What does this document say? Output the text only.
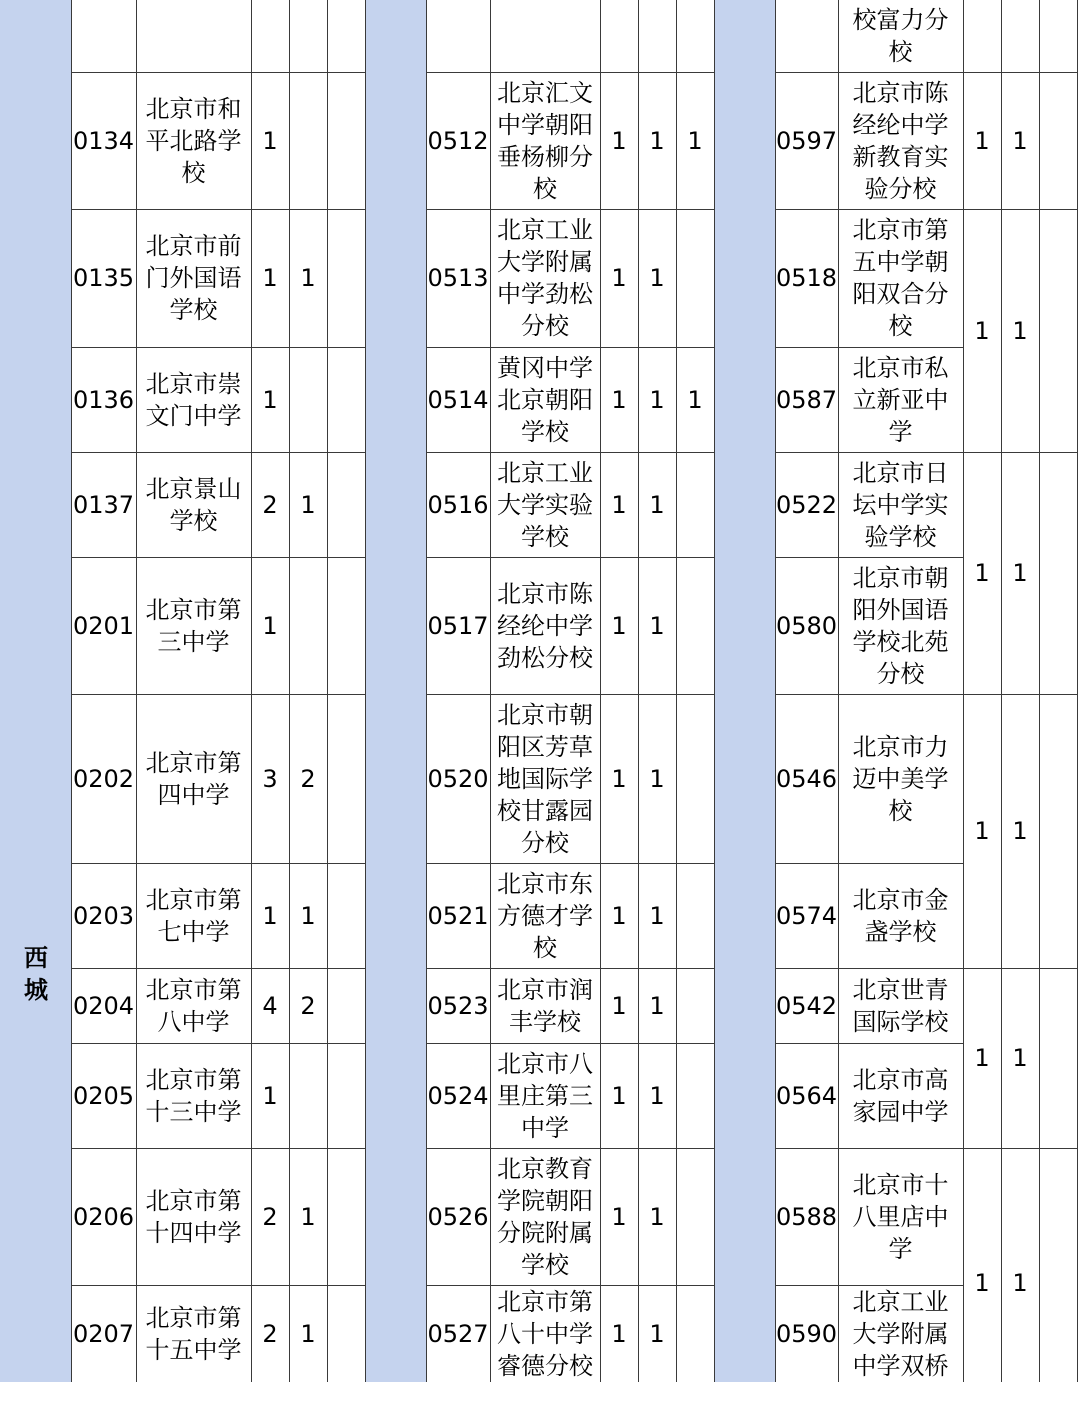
西
城
0134
北京市和平北路学校
1
0135
北京市前门外国语学校
1 1
0136
北京市崇文门中学
1
0137
北京景山学校
2 1
0201
北京市第三中学
1
0202
北京市第四中学
3 2
0203
北京市第七中学
1 1
0204
北京市第八中学
4 2
0205
北京市第十三中学
1
0206
北京市第十四中学
2 1
0207
北京市第十五中学
2 1
0512
北京汇文中学朝阳垂杨柳分校
1 1 1
0513
北京工业大学附属中学劲松分校
1 1
0514
黄冈中学北京朝阳学校
1 1 1
0516
北京工业大学实验学校
1 1
0517
北京市陈经纶中学劲松分校
1 1
0520
北京市朝阳区芳草地国际学校甘露园分校
1 1
0521
北京市东方德才学校
1 1
0523
北京市润丰学校
1 1
0524
北京市八里庄第三中学
1 1
0526
北京教育学院朝阳分院附属学校
1 1
0527
北京市第八十中学睿德分校
1 1
校富力分校
0597
北京市陈经纶中学新教育实验分校
0518
北京市第五中学朝阳双合分校
0587
北京市私立新亚中学
0522
北京市日坛中学实验学校
0580
北京市朝阳外国语学校北苑分校
0546
北京市力迈中美学校
0574
北京市金盏学校
0542
北京世青国际学校
0564
北京市高家园中学
0588
北京市十八里店中学
0590
北京工业大学附属中学双桥
1 1
1 1
1 1
1 1
1 1
1 1
